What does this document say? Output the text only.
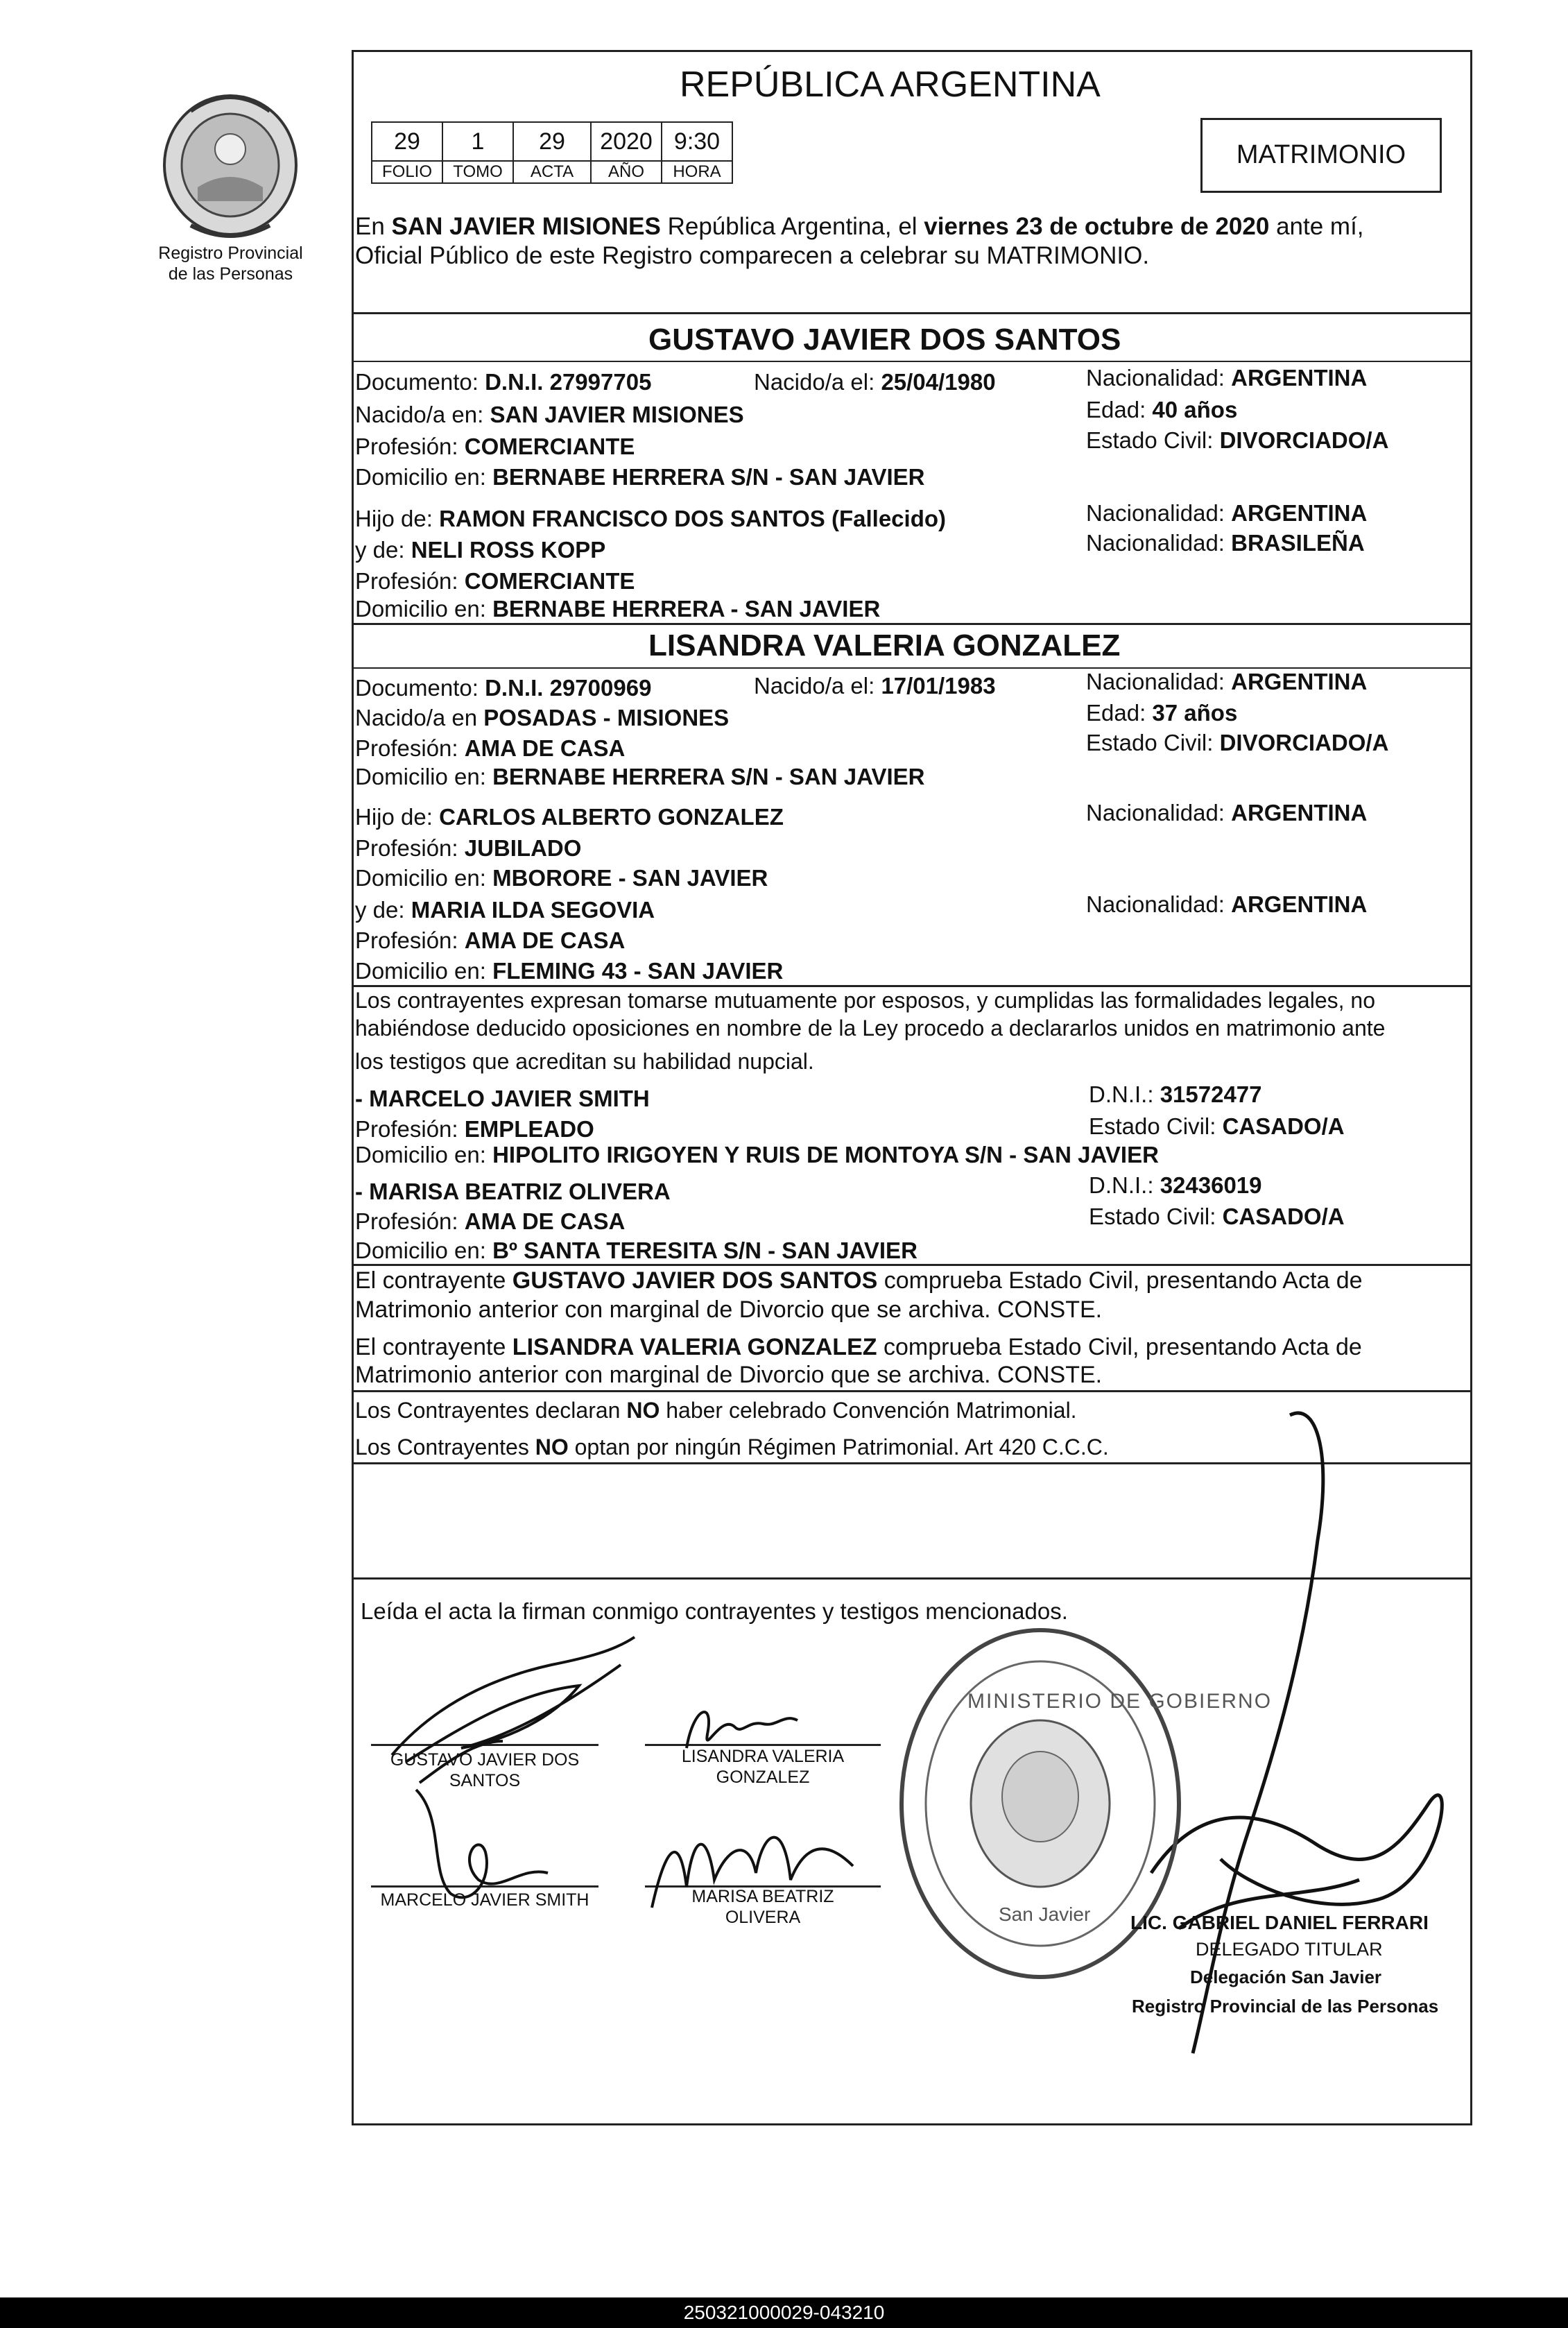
Registro Provincial
de las Personas
REPÚBLICA ARGENTINA
29	1	29	2020	9:30
FOLIO	TOMO	ACTA	AÑO	HORA
MATRIMONIO
En SAN JAVIER MISIONES República Argentina, el viernes 23 de octubre de 2020 ante mí,
Oficial Público de este Registro comparecen a celebrar su MATRIMONIO.
GUSTAVO JAVIER DOS SANTOS
Documento: D.N.I. 27997705	Nacido/a el: 25/04/1980	Nacionalidad: ARGENTINA
Nacido/a en: SAN JAVIER MISIONES	Edad: 40 años
Profesión: COMERCIANTE	Estado Civil: DIVORCIADO/A
Domicilio en: BERNABE HERRERA S/N - SAN JAVIER
Hijo de: RAMON FRANCISCO DOS SANTOS (Fallecido)	Nacionalidad: ARGENTINA
y de: NELI ROSS KOPP	Nacionalidad: BRASILEÑA
Profesión: COMERCIANTE
Domicilio en: BERNABE HERRERA - SAN JAVIER
LISANDRA VALERIA GONZALEZ
Documento: D.N.I. 29700969	Nacido/a el: 17/01/1983	Nacionalidad: ARGENTINA
Nacido/a en POSADAS - MISIONES	Edad: 37 años
Profesión: AMA DE CASA	Estado Civil: DIVORCIADO/A
Domicilio en: BERNABE HERRERA S/N - SAN JAVIER
Hijo de: CARLOS ALBERTO GONZALEZ	Nacionalidad: ARGENTINA
Profesión: JUBILADO
Domicilio en: MBORORE - SAN JAVIER
y de: MARIA ILDA SEGOVIA	Nacionalidad: ARGENTINA
Profesión: AMA DE CASA
Domicilio en: FLEMING 43 - SAN JAVIER
Los contrayentes expresan tomarse mutuamente por esposos, y cumplidas las formalidades legales, no
habiéndose deducido oposiciones en nombre de la Ley procedo a declararlos unidos en matrimonio ante
los testigos que acreditan su habilidad nupcial.
- MARCELO JAVIER SMITH	D.N.I.: 31572477
Profesión: EMPLEADO	Estado Civil: CASADO/A
Domicilio en: HIPOLITO IRIGOYEN Y RUIS DE MONTOYA S/N - SAN JAVIER
- MARISA BEATRIZ OLIVERA	D.N.I.: 32436019
Profesión: AMA DE CASA	Estado Civil: CASADO/A
Domicilio en: Bº SANTA TERESITA S/N - SAN JAVIER
El contrayente GUSTAVO JAVIER DOS SANTOS comprueba Estado Civil, presentando Acta de
Matrimonio anterior con marginal de Divorcio que se archiva. CONSTE.
El contrayente LISANDRA VALERIA GONZALEZ comprueba Estado Civil, presentando Acta de
Matrimonio anterior con marginal de Divorcio que se archiva. CONSTE.
Los Contrayentes declaran NO haber celebrado Convención Matrimonial.
Los Contrayentes NO optan por ningún Régimen Patrimonial. Art 420 C.C.C.
Leída el acta la firman conmigo contrayentes y testigos mencionados.
GUSTAVO JAVIER DOS
SANTOS
LISANDRA VALERIA
GONZALEZ
MARCELO JAVIER SMITH	MARISA BEATRIZ
OLIVERA
MINISTERIO DE GOBIERNO
San Javier LIC. GABRIEL DANIEL FERRARI
DELEGADO TITULAR
Delegación San Javier
Registro Provincial de las Personas
250321000029-043210
